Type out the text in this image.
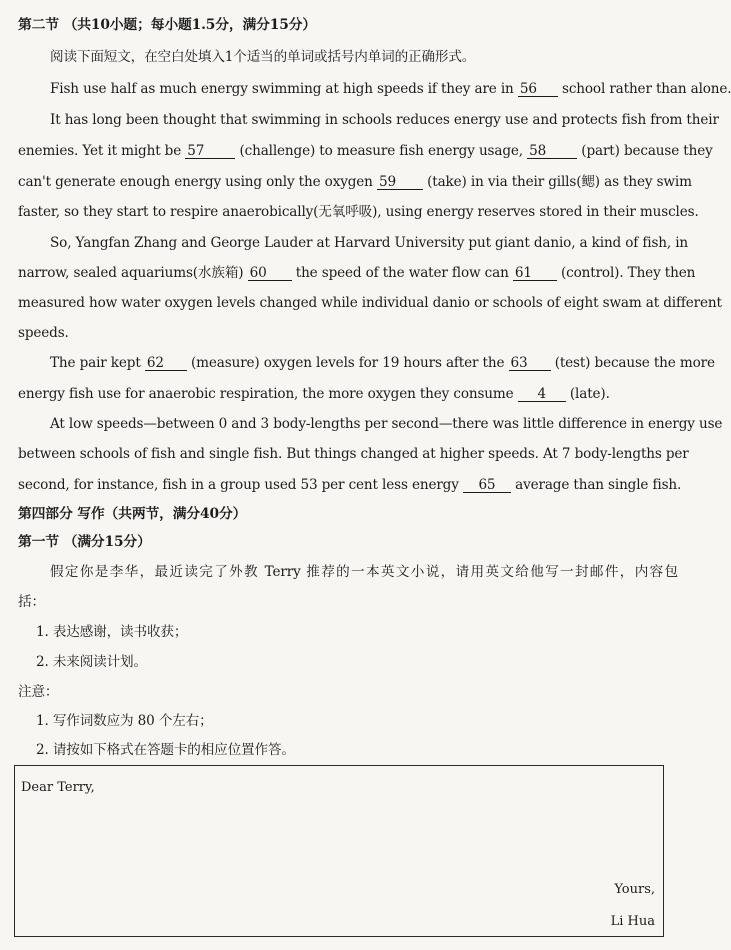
第二节 （共10小题；每小题1.5分，满分15分）
阅读下面短文，在空白处填入1个适当的单词或括号内单词的正确形式。
Fish use half as much energy swimming at high speeds if they are in 56 school rather than alone.
It has long been thought that swimming in schools reduces energy use and protects fish from their
enemies. Yet it might be 57	(challenge) to measure fish energy usage, 58	(part) because they
can't generate enough energy using only the oxygen 59 (take) in via their gills(鳃) as they swim
faster, so they start to respire anaerobically(无氧呼吸), using energy reserves stored in their muscles.
So, Yangfan Zhang and George Lauder at Harvard University put giant danio, a kind of fish, in
narrow, sealed aquariums(水族箱) 60 the speed of the water flow can 61 (control). They then
measured how water oxygen levels changed while individual danio or schools of eight swam at different
speeds.
The pair kept 62 (measure) oxygen levels for 19 hours after the 63 (test) because the more
energy fish use for anaerobic respiration, the more oxygen they consume 4 (late).
At low speeds—between 0 and 3 body-lengths per second—there was little difference in energy use
between schools of fish and single fish. But things changed at higher speeds. At 7 body-lengths per
second, for instance, fish in a group used 53 per cent less energy 65 average than single fish.
第四部分 写作（共两节，满分40分）
第一节 （满分15分）
假定你是李华，最近读完了外教 Terry 推荐的一本英文小说，请用英文给他写一封邮件，内容包
括：
1. 表达感谢，读书收获；
2. 未来阅读计划。
注意：
1. 写作词数应为 80 个左右；
2. 请按如下格式在答题卡的相应位置作答。
Dear Terry,
Yours,
Li Hua
